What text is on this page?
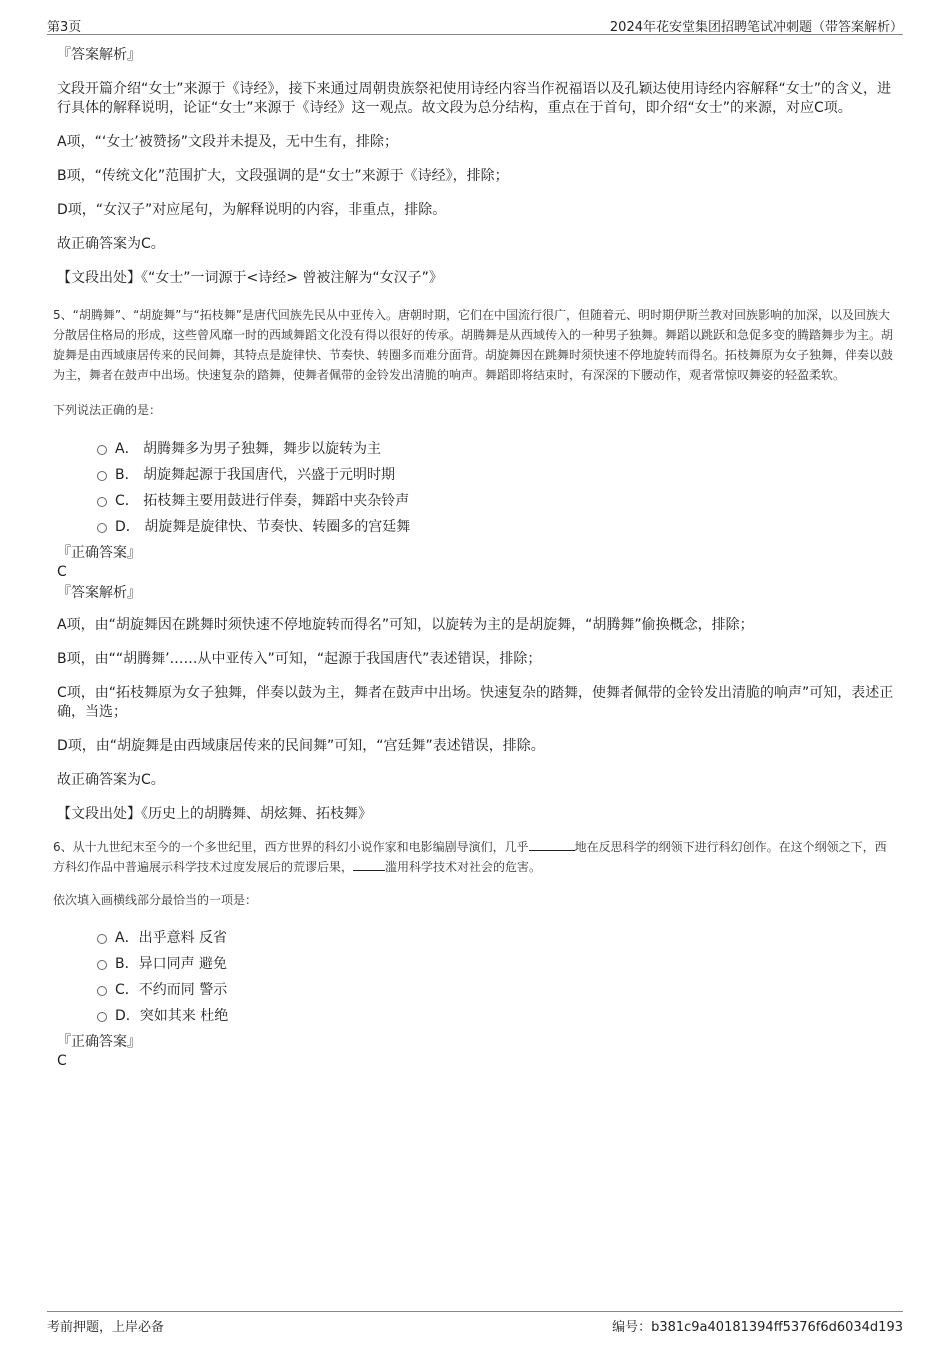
第3页	2024年花安堂集团招聘笔试冲刺题（带答案解析）

『答案解析』

文段开篇介绍“女士”来源于《诗经》，接下来通过周朝贵族祭祀使用诗经内容当作祝福语以及孔颖达使用诗经内容解释“女士”的含义，进行具体的解释说明，论证“女士”来源于《诗经》这一观点。故文段为总分结构，重点在于首句，即介绍“女士”的来源，对应C项。

A项，“‘女士’被赞扬”文段并未提及，无中生有，排除；

B项，“传统文化”范围扩大，文段强调的是“女士”来源于《诗经》，排除；

D项，“女汉子”对应尾句，为解释说明的内容，非重点，排除。

故正确答案为C。

【文段出处】《“女士”一词源于<诗经> 曾被注解为“女汉子”》

5、“胡腾舞”、“胡旋舞”与“拓枝舞”是唐代回族先民从中亚传入。唐朝时期，它们在中国流行很广，但随着元、明时期伊斯兰教对回族影响的加深，以及回族大分散居住格局的形成，这些曾风靡一时的西域舞蹈文化没有得以很好的传承。胡腾舞是从西域传入的一种男子独舞。舞蹈以跳跃和急促多变的腾踏舞步为主。胡旋舞是由西域康居传来的民间舞，其特点是旋律快、节奏快、转圈多而难分面背。胡旋舞因在跳舞时须快速不停地旋转而得名。拓枝舞原为女子独舞，伴奏以鼓为主，舞者在鼓声中出场。快速复杂的踏舞，使舞者佩带的金铃发出清脆的响声。舞蹈即将结束时，有深深的下腰动作，观者常惊叹舞姿的轻盈柔软。

下列说法正确的是：

A． 胡腾舞多为男子独舞，舞步以旋转为主
B． 胡旋舞起源于我国唐代，兴盛于元明时期
C． 拓枝舞主要用鼓进行伴奏，舞蹈中夹杂铃声
D． 胡旋舞是旋律快、节奏快、转圈多的宫廷舞

『正确答案』

C

『答案解析』

A项，由“胡旋舞因在跳舞时须快速不停地旋转而得名”可知，以旋转为主的是胡旋舞，“胡腾舞”偷换概念，排除；

B项，由““胡腾舞’……从中亚传入”可知，“起源于我国唐代”表述错误，排除；

C项，由“拓枝舞原为女子独舞，伴奏以鼓为主，舞者在鼓声中出场。快速复杂的踏舞，使舞者佩带的金铃发出清脆的响声”可知，表述正确，当选；

D项，由“胡旋舞是由西域康居传来的民间舞”可知，“宫廷舞”表述错误，排除。

故正确答案为C。

【文段出处】《历史上的胡腾舞、胡炫舞、拓枝舞》

6、从十九世纪末至今的一个多世纪里，西方世界的科幻小说作家和电影编剧导演们，几乎	地在反思科学的纲领下进行科幻创作。在这个纲领之下，西方科幻作品中普遍展示科学技术过度发展后的荒谬后果，	滥用科学技术对社会的危害。

依次填入画横线部分最恰当的一项是：

A．出乎意料 反省
B．异口同声 避免
C．不约而同 警示
D．突如其来 杜绝

『正确答案』

C

考前押题，上岸必备	编号：b381c9a40181394ff5376f6d6034d193
